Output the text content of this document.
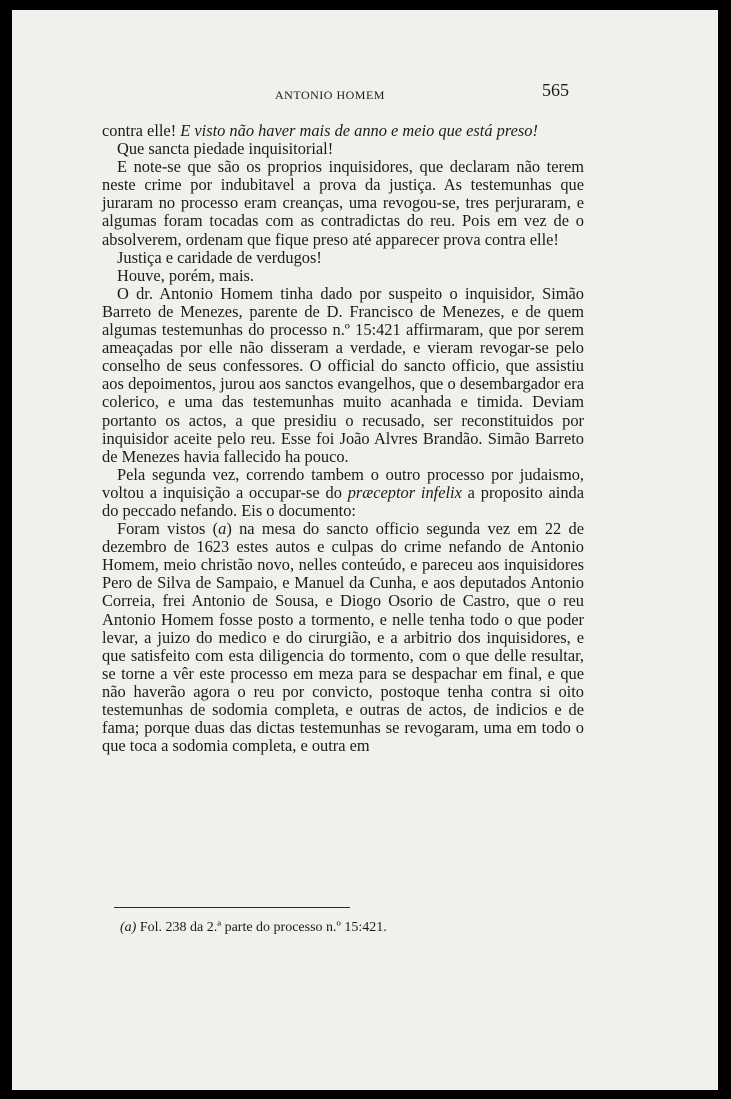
ANTONIO HOMEM	565

contra elle! E visto não haver mais de anno e meio que está preso!

Que sancta piedade inquisitorial!

E note-se que são os proprios inquisidores, que declaram não terem neste crime por indubitavel a prova da justiça. As testemunhas que juraram no processo eram creanças, uma revogou-se, tres perjuraram, e algumas foram tocadas com as contradictas do reu. Pois em vez de o absolverem, ordenam que fique preso até apparecer prova contra elle!

Justiça e caridade de verdugos!

Houve, porém, mais.

O dr. Antonio Homem tinha dado por suspeito o inquisidor, Simão Barreto de Menezes, parente de D. Francisco de Menezes, e de quem algumas testemunhas do processo n.º 15:421 affirmaram, que por serem ameaçadas por elle não disseram a verdade, e vieram revogar-se pelo conselho de seus confessores. O official do sancto officio, que assistiu aos depoimentos, jurou aos sanctos evangelhos, que o desembargador era colerico, e uma das testemunhas muito acanhada e timida. Deviam portanto os actos, a que presidiu o recusado, ser reconstituidos por inquisidor aceite pelo reu. Esse foi João Alvres Brandão. Simão Barreto de Menezes havia fallecido ha pouco.

Pela segunda vez, correndo tambem o outro processo por judaismo, voltou a inquisição a occupar-se do præceptor infelix a proposito ainda do peccado nefando. Eis o documento:

Foram vistos (a) na mesa do sancto officio segunda vez em 22 de dezembro de 1623 estes autos e culpas do crime nefando de Antonio Homem, meio christão novo, nelles conteúdo, e pareceu aos inquisidores Pero de Silva de Sampaio, e Manuel da Cunha, e aos deputados Antonio Correia, frei Antonio de Sousa, e Diogo Osorio de Castro, que o reu Antonio Homem fosse posto a tormento, e nelle tenha todo o que poder levar, a juizo do medico e do cirurgião, e a arbitrio dos inquisidores, e que satisfeito com esta diligencia do tormento, com o que delle resultar, se torne a vêr este processo em meza para se despachar em final, e que não haverão agora o reu por convicto, postoque tenha contra si oito testemunhas de sodomia completa, e outras de actos, de indicios e de fama; porque duas das dictas testemunhas se revogaram, uma em todo o que toca a sodomia completa, e outra em

(a) Fol. 238 da 2.ª parte do processo n.º 15:421.
